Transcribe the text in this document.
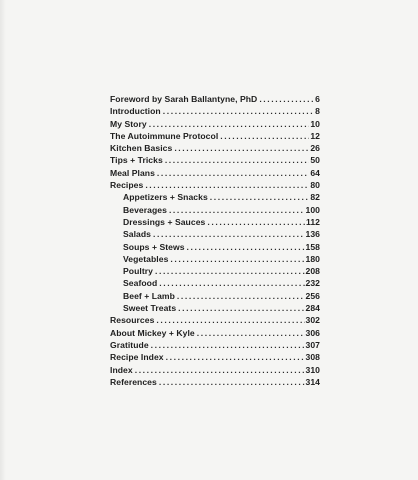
Foreword by Sarah Ballantyne, PhD .....	6
Introduction .....	8
My Story .....	10
The Autoimmune Protocol .....	12
Kitchen Basics .....	26
Tips + Tricks .....	50
Meal Plans .....	64
Recipes .....	80
Appetizers + Snacks .....	82
Beverages .....	100
Dressings + Sauces .....	112
Salads .....	136
Soups + Stews .....	158
Vegetables .....	180
Poultry .....	208
Seafood .....	232
Beef + Lamb .....	256
Sweet Treats .....	284
Resources .....	302
About Mickey + Kyle .....	306
Gratitude .....	307
Recipe Index .....	308
Index .....	310
References .....	314
